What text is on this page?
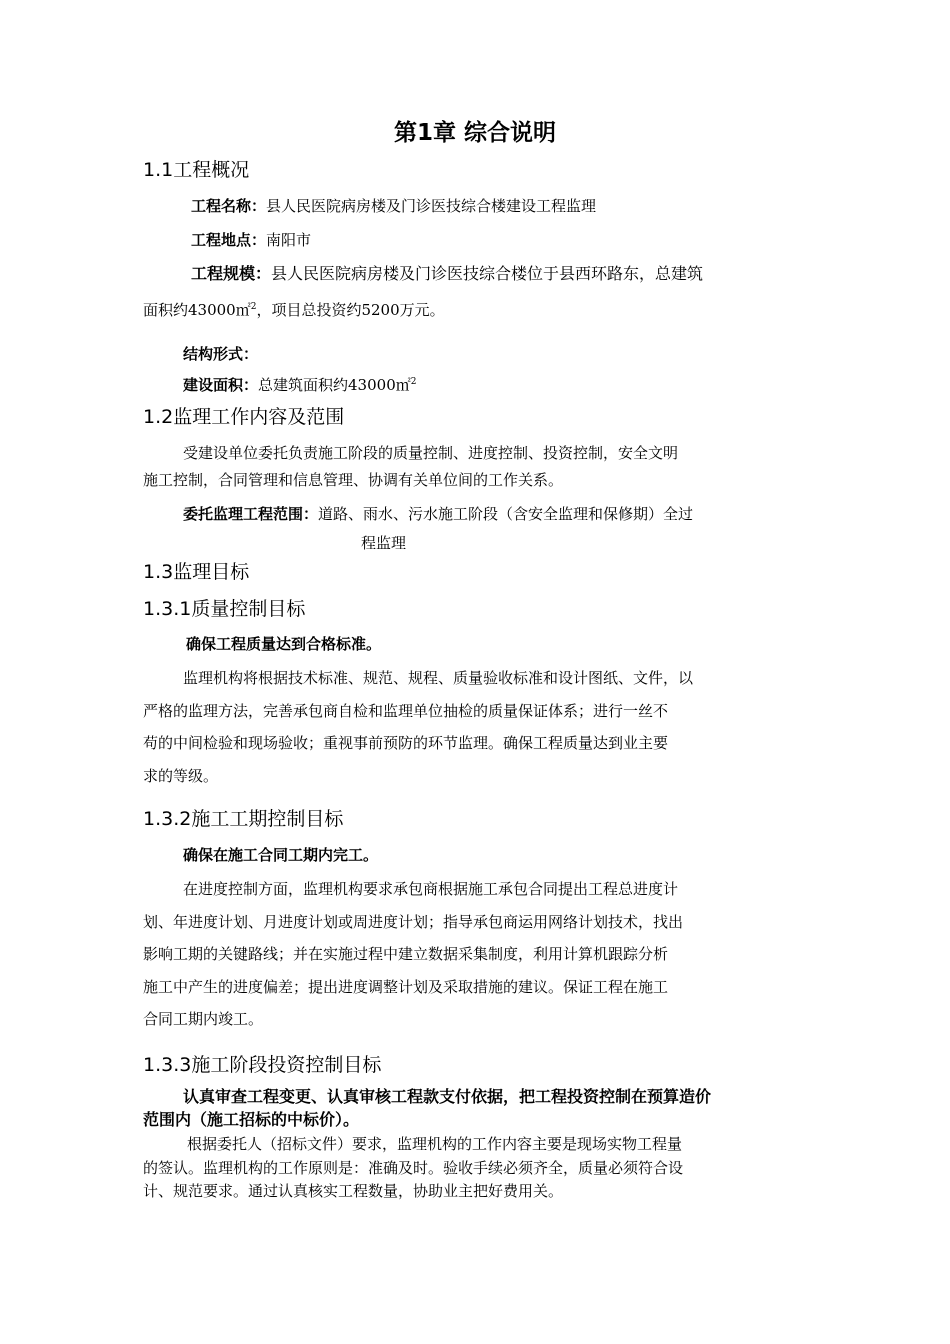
第1章 综合说明
1.1工程概况
工程名称：县人民医院病房楼及门诊医技综合楼建设工程监理
工程地点：南阳市
工程规模：县人民医院病房楼及门诊医技综合楼位于县西环路东，总建筑
面积约43000㎡$^2$，项目总投资约5200万元。
结构形式：
建设面积：总建筑面积约43000㎡$^2$
1.2监理工作内容及范围
受建设单位委托负责施工阶段的质量控制、进度控制、投资控制，安全文明
施工控制，合同管理和信息管理、协调有关单位间的工作关系。
委托监理工程范围：道路、雨水、污水施工阶段（含安全监理和保修期）全过
程监理
1.3监理目标
1.3.1质量控制目标
确保工程质量达到合格标准。
监理机构将根据技术标准、规范、规程、质量验收标准和设计图纸、文件，以
严格的监理方法，完善承包商自检和监理单位抽检的质量保证体系；进行一丝不
苟的中间检验和现场验收；重视事前预防的环节监理。确保工程质量达到业主要
求的等级。
1.3.2施工工期控制目标
确保在施工合同工期内完工。
在进度控制方面，监理机构要求承包商根据施工承包合同提出工程总进度计
划、年进度计划、月进度计划或周进度计划；指导承包商运用网络计划技术，找出
影响工期的关键路线；并在实施过程中建立数据采集制度，利用计算机跟踪分析
施工中产生的进度偏差；提出进度调整计划及采取措施的建议。保证工程在施工
合同工期内竣工。
1.3.3施工阶段投资控制目标
认真审查工程变更、认真审核工程款支付依据，把工程投资控制在预算造价
范围内（施工招标的中标价）。
根据委托人（招标文件）要求，监理机构的工作内容主要是现场实物工程量
的签认。监理机构的工作原则是：准确及时。验收手续必须齐全，质量必须符合设
计、规范要求。通过认真核实工程数量，协助业主把好费用关。
